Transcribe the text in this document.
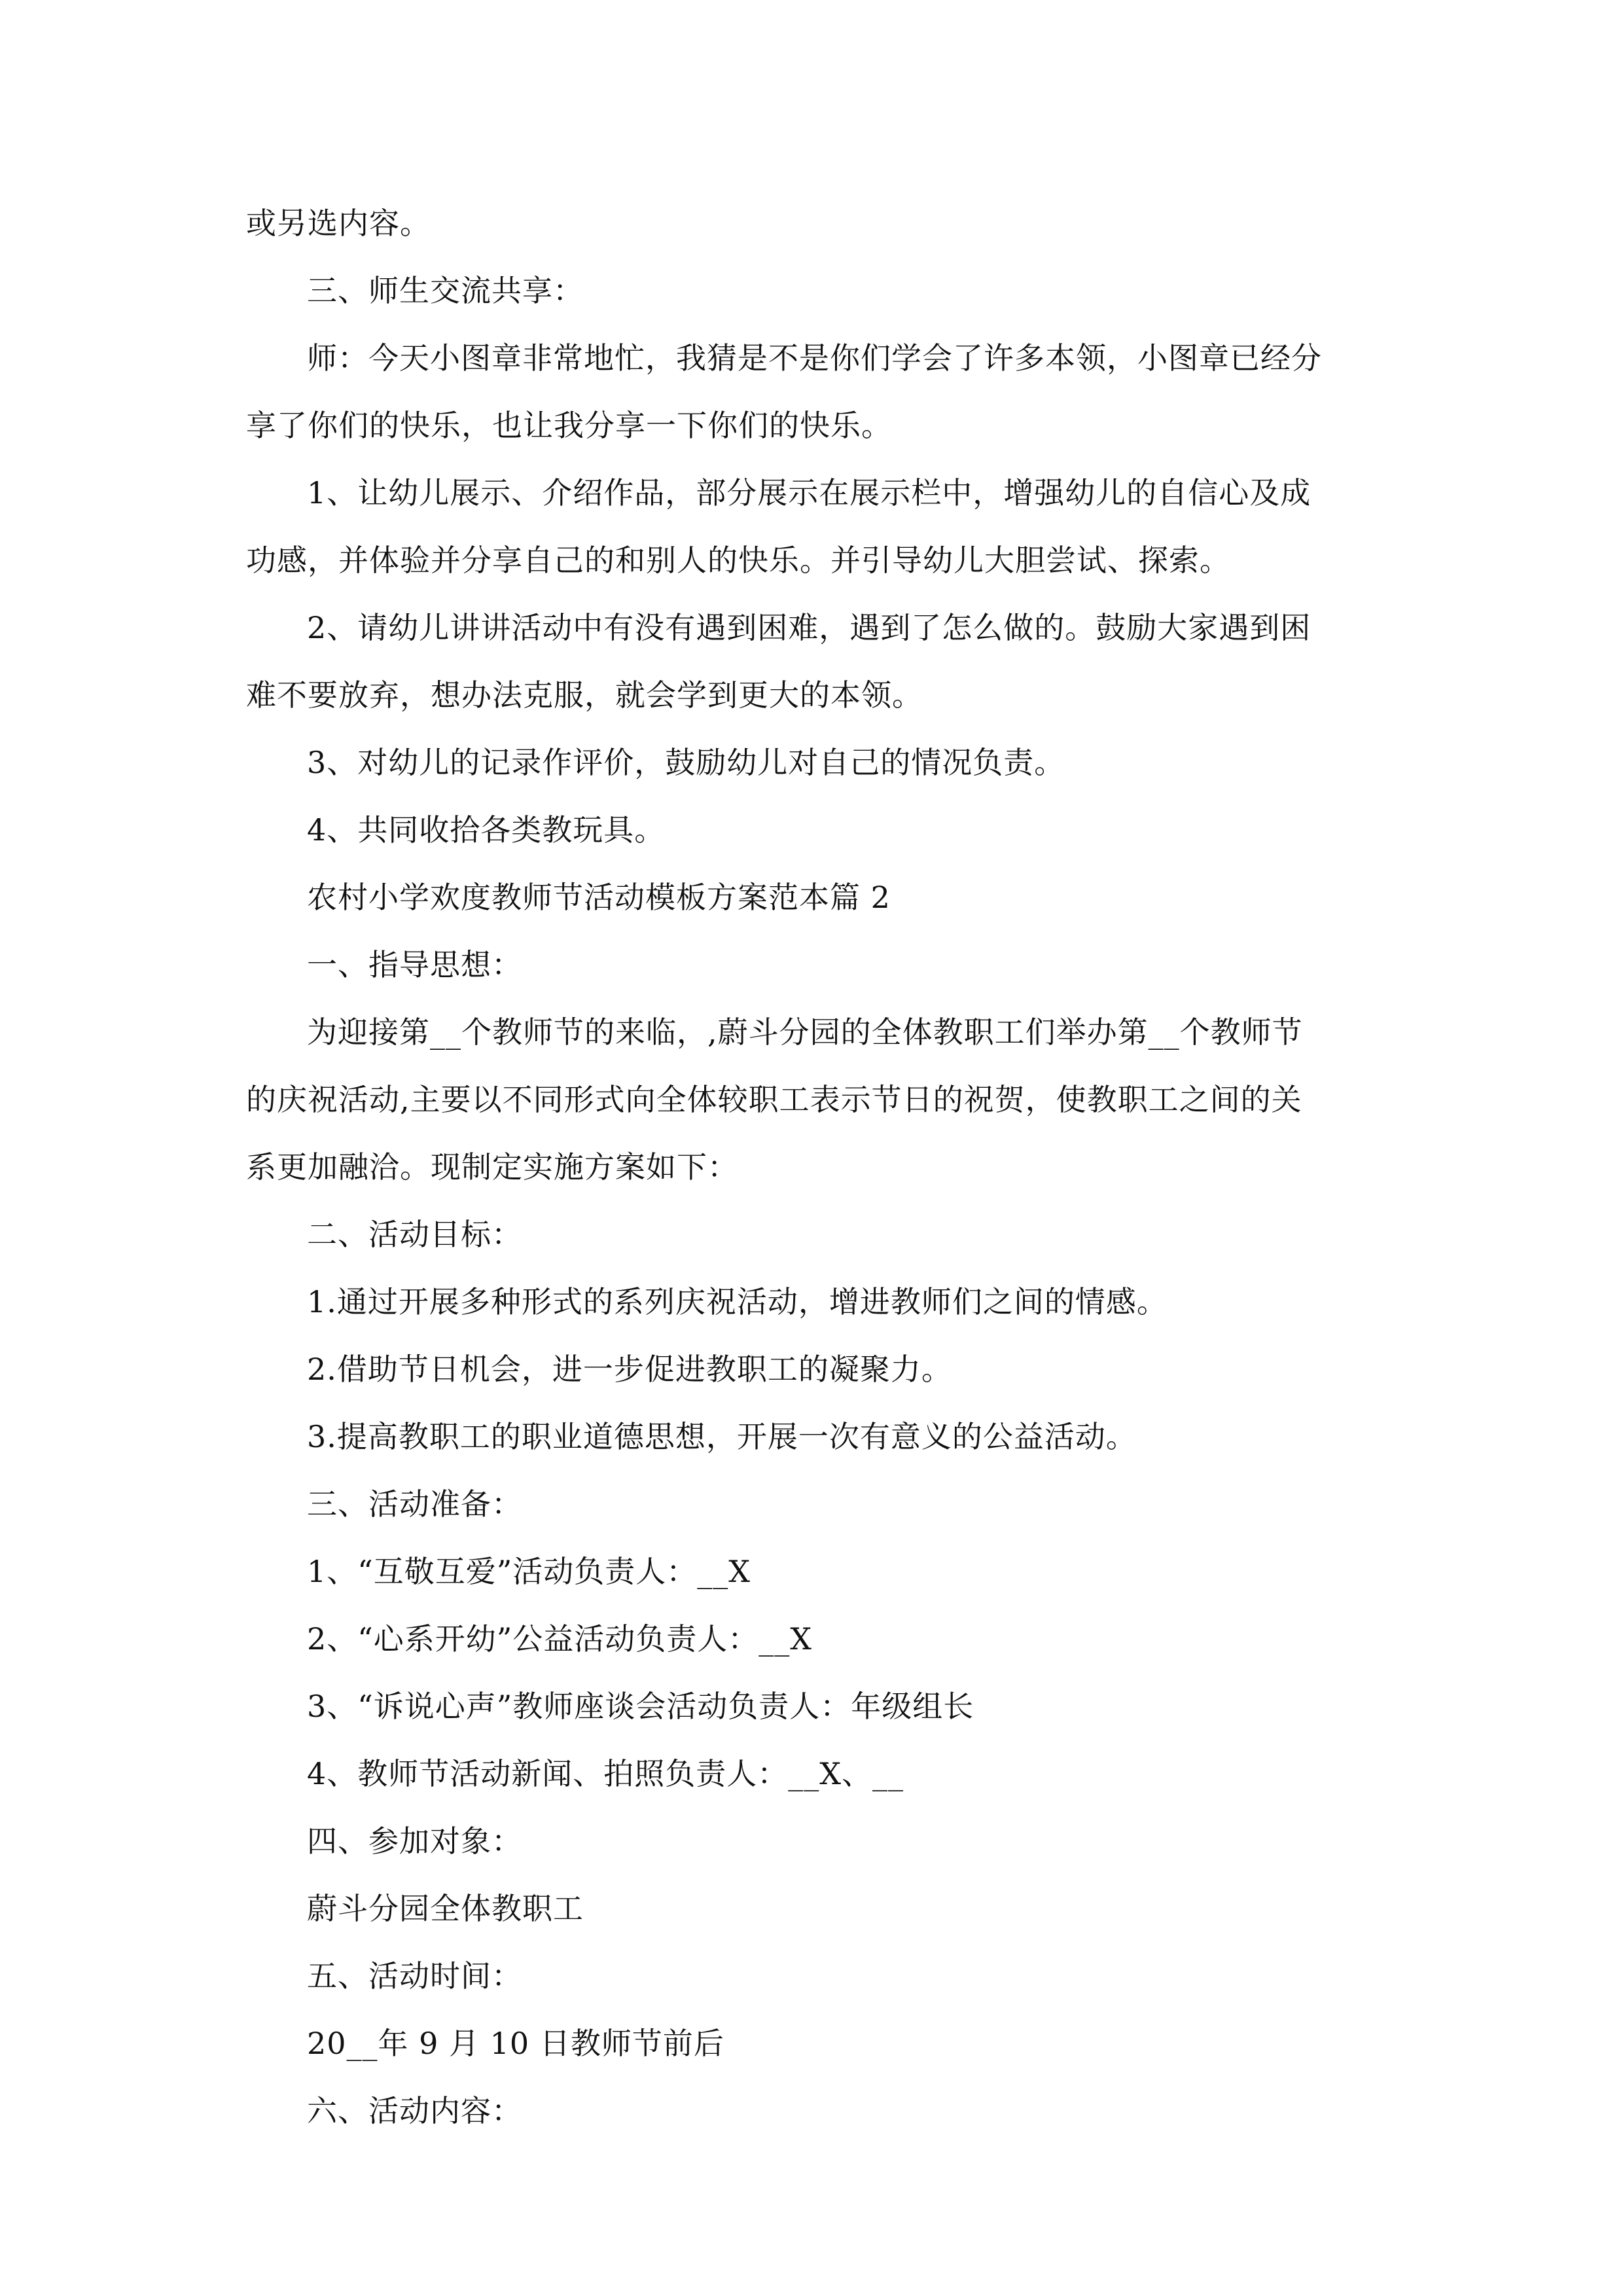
或另选内容。
三、师生交流共享：
师：今天小图章非常地忙，我猜是不是你们学会了许多本领，小图章已经分
享了你们的快乐，也让我分享一下你们的快乐。
1、让幼儿展示、介绍作品，部分展示在展示栏中，增强幼儿的自信心及成
功感，并体验并分享自己的和别人的快乐。并引导幼儿大胆尝试、探索。
2、请幼儿讲讲活动中有没有遇到困难，遇到了怎么做的。鼓励大家遇到困
难不要放弃，想办法克服，就会学到更大的本领。
3、对幼儿的记录作评价，鼓励幼儿对自己的情况负责。
4、共同收拾各类教玩具。
农村小学欢度教师节活动模板方案范本篇 2
一、指导思想：
为迎接第__个教师节的来临，,蔚斗分园的全体教职工们举办第__个教师节
的庆祝活动,主要以不同形式向全体较职工表示节日的祝贺，使教职工之间的关
系更加融洽。现制定实施方案如下：
二、活动目标：
1.通过开展多种形式的系列庆祝活动，增进教师们之间的情感。
2.借助节日机会，进一步促进教职工的凝聚力。
3.提高教职工的职业道德思想，开展一次有意义的公益活动。
三、活动准备：
1、“互敬互爱”活动负责人：__X
2、“心系开幼”公益活动负责人：__X
3、“诉说心声”教师座谈会活动负责人：年级组长
4、教师节活动新闻、拍照负责人：__X、__
四、参加对象：
蔚斗分园全体教职工
五、活动时间：
20__年 9 月 10 日教师节前后
六、活动内容：
